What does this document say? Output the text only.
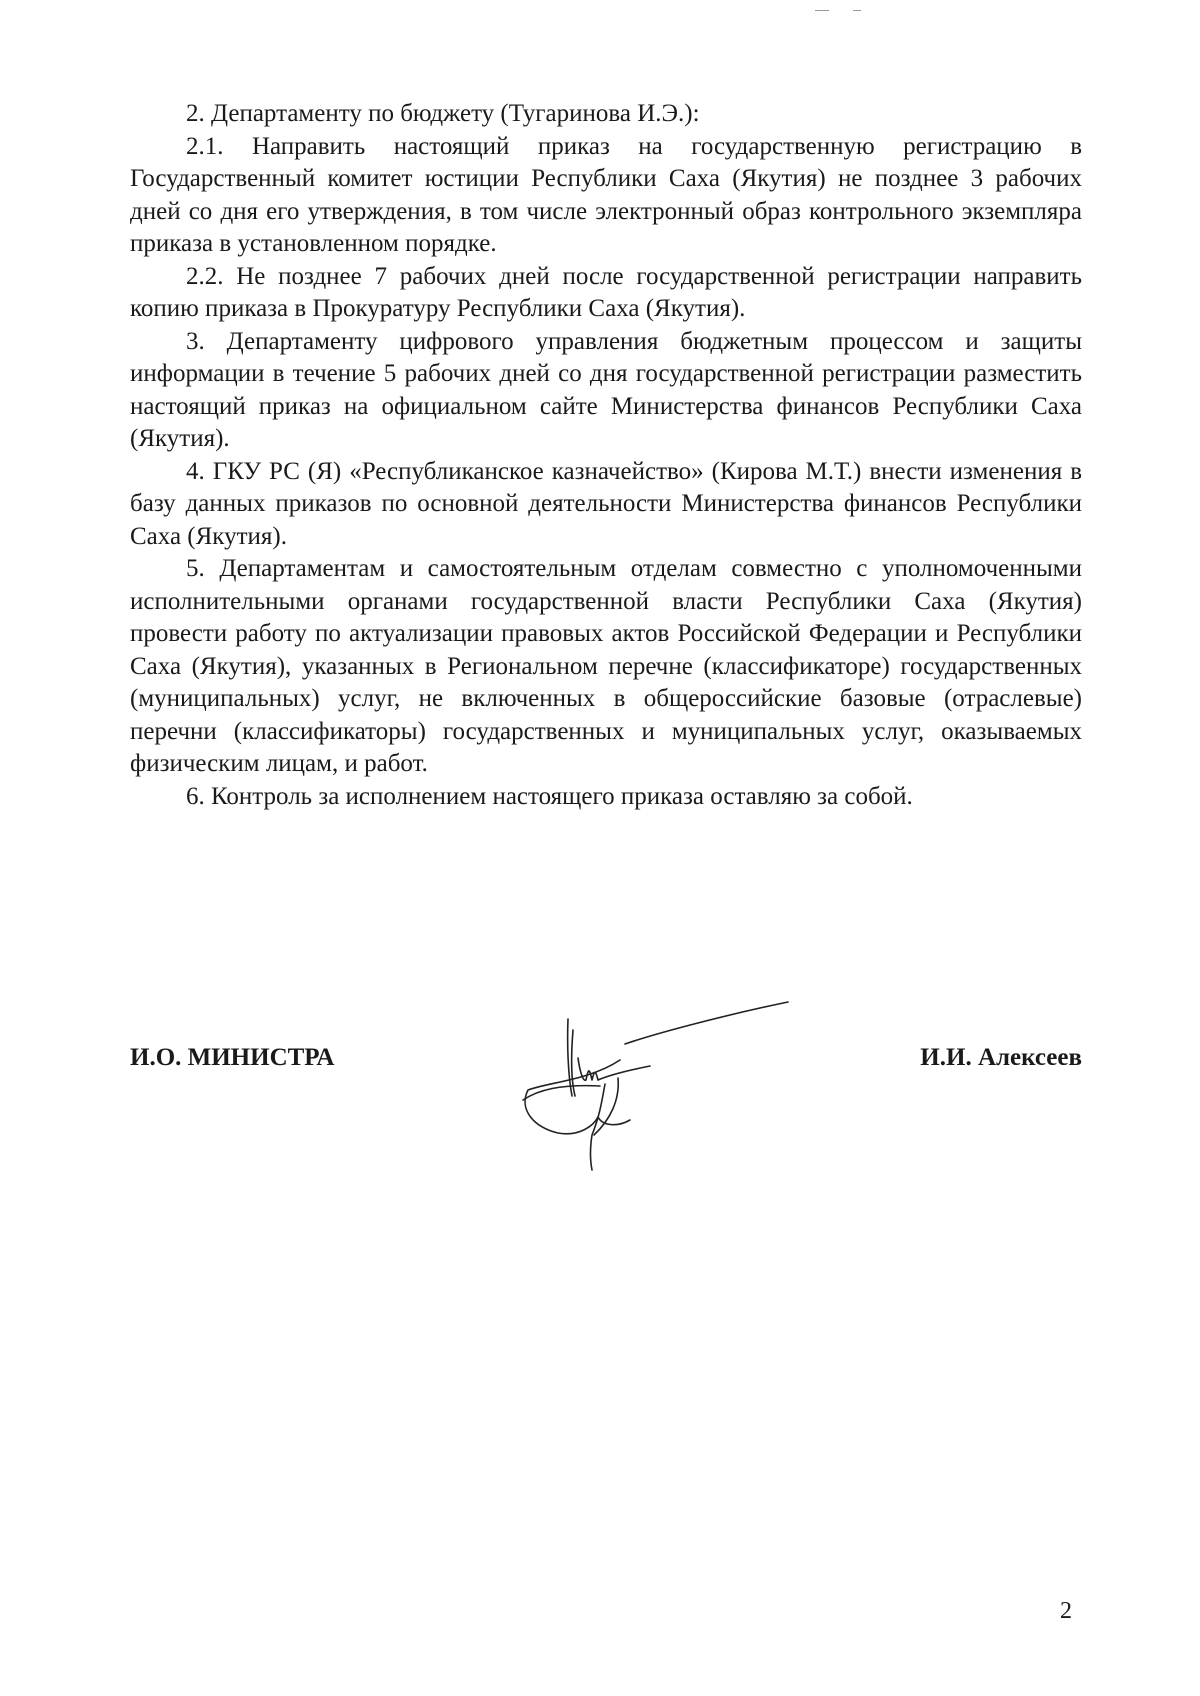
2. Департаменту по бюджету (Тугаринова И.Э.):

2.1. Направить настоящий приказ на государственную регистрацию в Государственный комитет юстиции Республики Саха (Якутия) не позднее 3 рабочих дней со дня его утверждения, в том числе электронный образ контрольного экземпляра приказа в установленном порядке.

2.2. Не позднее 7 рабочих дней после государственной регистрации направить копию приказа в Прокуратуру Республики Саха (Якутия).

3. Департаменту цифрового управления бюджетным процессом и защиты информации в течение 5 рабочих дней со дня государственной регистрации разместить настоящий приказ на официальном сайте Министерства финансов Республики Саха (Якутия).

4. ГКУ РС (Я) «Республиканское казначейство» (Кирова М.Т.) внести изменения в базу данных приказов по основной деятельности Министерства финансов Республики Саха (Якутия).

5. Департаментам и самостоятельным отделам совместно с уполномоченными исполнительными органами государственной власти Республики Саха (Якутия) провести работу по актуализации правовых актов Российской Федерации и Республики Саха (Якутия), указанных в Региональном перечне (классификаторе) государственных (муниципальных) услуг, не включенных в общероссийские базовые (отраслевые) перечни (классификаторы) государственных и муниципальных услуг, оказываемых физическим лицам, и работ.

6. Контроль за исполнением настоящего приказа оставляю за собой.

И.О. МИНИСТРА	И.И. Алексеев
2
